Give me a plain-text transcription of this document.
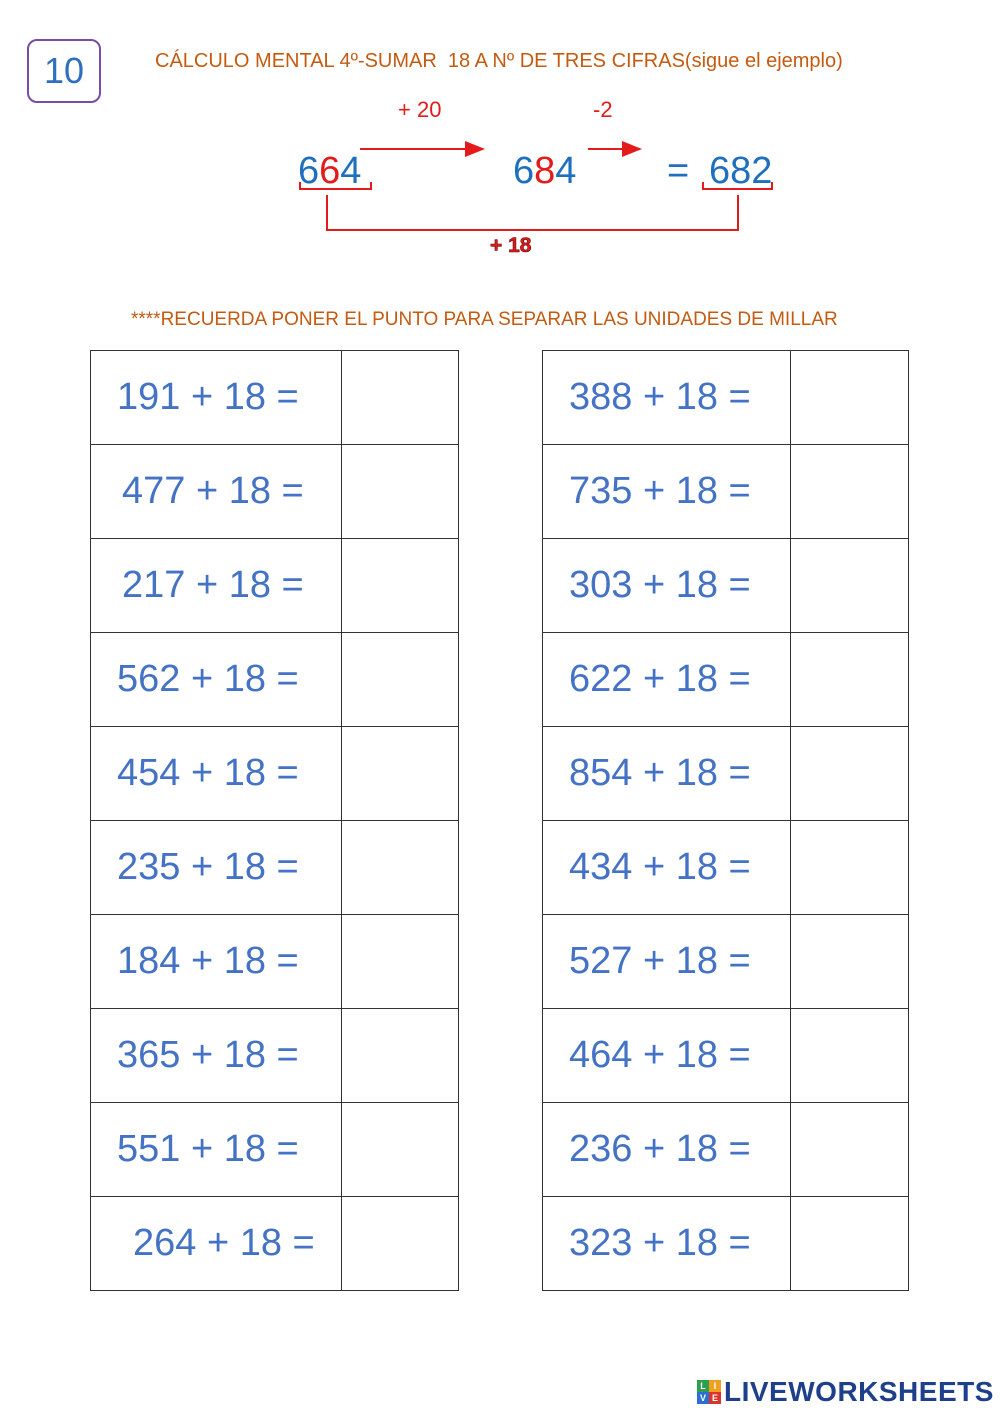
10	CÁLCULO MENTAL 4º-SUMAR  18 A Nº DE TRES CIFRAS(sigue el ejemplo)
+ 20	-2
664	684 = 682
+ 18
****RECUERDA PONER EL PUNTO PARA SEPARAR LAS UNIDADES DE MILLAR
191 + 18 =	
477 + 18 =	
217 + 18 =	
562 + 18 =	
454 + 18 =	
235 + 18 =	
184 + 18 =	
365 + 18 =	
551 + 18 =	
264 + 18 =	
388 + 18 =	
735 + 18 =	
303 + 18 =	
622 + 18 =	
854 + 18 =	
434 + 18 =	
527 + 18 =	
464 + 18 =	
236 + 18 =	
323 + 18 =	
L I
V E LIVEWORKSHEETS
